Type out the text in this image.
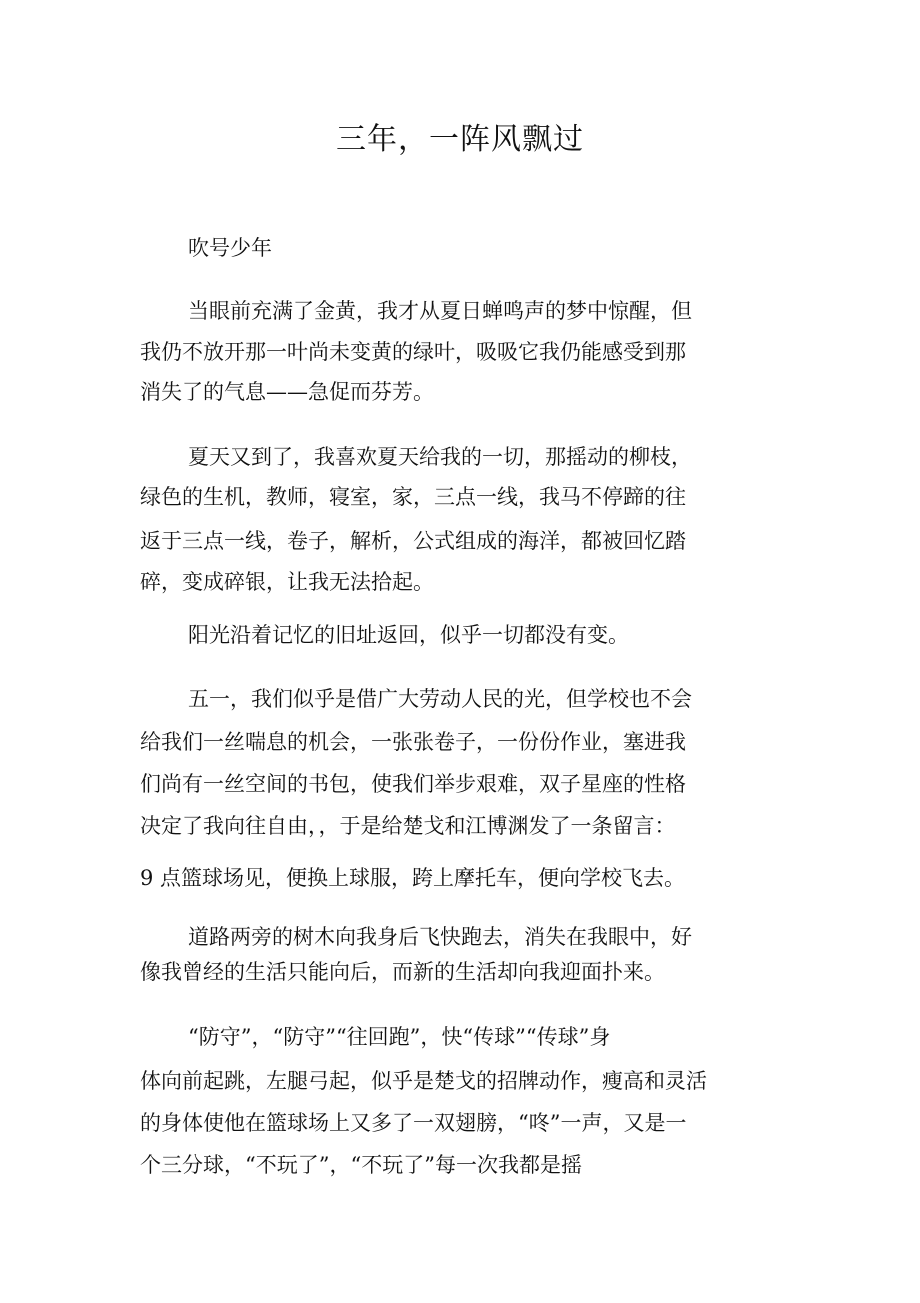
三年，一阵风飘过
吹号少年
当眼前充满了金黄，我才从夏日蝉鸣声的梦中惊醒，但
我仍不放开那一叶尚未变黄的绿叶，吸吸它我仍能感受到那
消失了的气息——急促而芬芳。
夏天又到了，我喜欢夏天给我的一切，那摇动的柳枝，
绿色的生机，教师，寝室，家，三点一线，我马不停蹄的往
返于三点一线，卷子，解析，公式组成的海洋，都被回忆踏
碎，变成碎银，让我无法拾起。
阳光沿着记忆的旧址返回，似乎一切都没有变。
五一，我们似乎是借广大劳动人民的光，但学校也不会
给我们一丝喘息的机会，一张张卷子，一份份作业，塞进我
们尚有一丝空间的书包，使我们举步艰难，双子星座的性格
决定了我向往自由，，于是给楚戈和江博渊发了一条留言：
9 点篮球场见，便换上球服，跨上摩托车，便向学校飞去。
道路两旁的树木向我身后飞快跑去，消失在我眼中，好
像我曾经的生活只能向后，而新的生活却向我迎面扑来。
“防守”，“防守”“往回跑”，快“传球”“传球”身
体向前起跳，左腿弓起，似乎是楚戈的招牌动作，瘦高和灵活
的身体使他在篮球场上又多了一双翅膀，“咚”一声，又是一
个三分球，“不玩了”，“不玩了”每一次我都是摇
